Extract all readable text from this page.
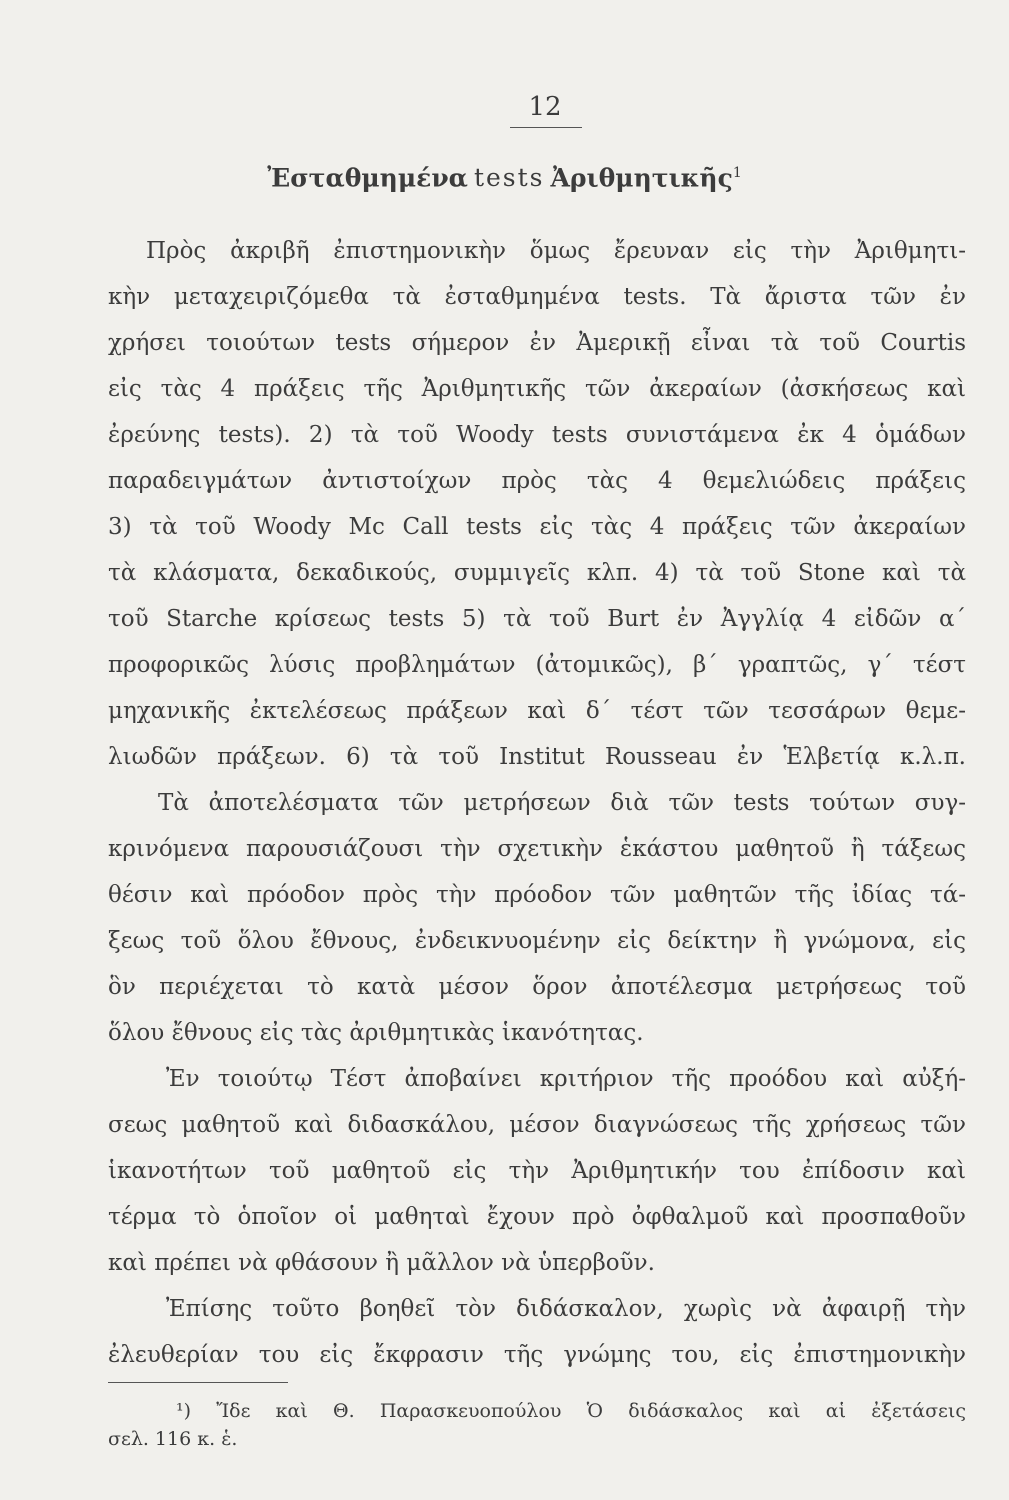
12
Ἐσταθμημένα tests Ἀριθμητικῆς$^1$
Πρὸς ἀκριβῆ ἐπιστημονικὴν ὅμως ἔρευναν εἰς τὴν Ἀριθμητι-
κὴν μεταχειριζόμεθα τὰ ἐσταθμημένα tests. Τὰ ἄριστα τῶν ἐν
χρήσει τοιούτων tests σήμερον ἐν Ἀμερικῇ εἶναι τὰ τοῦ Courtis
εἰς τὰς 4 πράξεις τῆς Ἀριθμητικῆς τῶν ἀκεραίων (ἀσκήσεως καὶ
ἐρεύνης tests). 2) τὰ τοῦ Woody tests συνιστάμενα ἐκ 4 ὁμάδων
παραδειγμάτων ἀντιστοίχων πρὸς τὰς 4 θεμελιώδεις πράξεις
3) τὰ τοῦ Woody Mc Call tests εἰς τὰς 4 πράξεις τῶν ἀκεραίων
τὰ κλάσματα, δεκαδικούς, συμμιγεῖς κλπ. 4) τὰ τοῦ Stone καὶ τὰ
τοῦ Starche κρίσεως tests 5) τὰ τοῦ Burt ἐν Ἀγγλίᾳ 4 εἰδῶν α΄
προφορικῶς λύσις προβλημάτων (ἀτομικῶς), β΄ γραπτῶς, γ΄ τέστ
μηχανικῆς ἐκτελέσεως πράξεων καὶ δ΄ τέστ τῶν τεσσάρων θεμε-
λιωδῶν πράξεων. 6) τὰ τοῦ Institut Rousseau ἐν Ἑλβετίᾳ κ.λ.π.
Τὰ ἀποτελέσματα τῶν μετρήσεων διὰ τῶν tests τούτων συγ-
κρινόμενα παρουσιάζουσι τὴν σχετικὴν ἑκάστου μαθητοῦ ἢ τάξεως
θέσιν καὶ πρόοδον πρὸς τὴν πρόοδον τῶν μαθητῶν τῆς ἰδίας τά-
ξεως τοῦ ὅλου ἔθνους, ἐνδεικνυομένην εἰς δείκτην ἢ γνώμονα, εἰς
ὃν περιέχεται τὸ κατὰ μέσον ὅρον ἀποτέλεσμα μετρήσεως τοῦ
ὅλου ἔθνους εἰς τὰς ἀριθμητικὰς ἱκανότητας.
Ἐν τοιούτῳ Τέστ ἀποβαίνει κριτήριον τῆς προόδου καὶ αὐξή-
σεως μαθητοῦ καὶ διδασκάλου, μέσον διαγνώσεως τῆς χρήσεως τῶν
ἱκανοτήτων τοῦ μαθητοῦ εἰς τὴν Ἀριθμητικήν του ἐπίδοσιν καὶ
τέρμα τὸ ὁποῖον οἱ μαθηταὶ ἔχουν πρὸ ὀφθαλμοῦ καὶ προσπαθοῦν
καὶ πρέπει νὰ φθάσουν ἢ μᾶλλον νὰ ὑπερβοῦν.
Ἐπίσης τοῦτο βοηθεῖ τὸν διδάσκαλον, χωρὶς νὰ ἀφαιρῇ τὴν
ἐλευθερίαν του εἰς ἔκφρασιν τῆς γνώμης του, εἰς ἐπιστημονικὴν
¹) Ἴδε καὶ Θ. Παρασκευοπούλου Ὁ διδάσκαλος καὶ αἱ ἐξετάσεις
σελ. 116 κ. ἑ.
